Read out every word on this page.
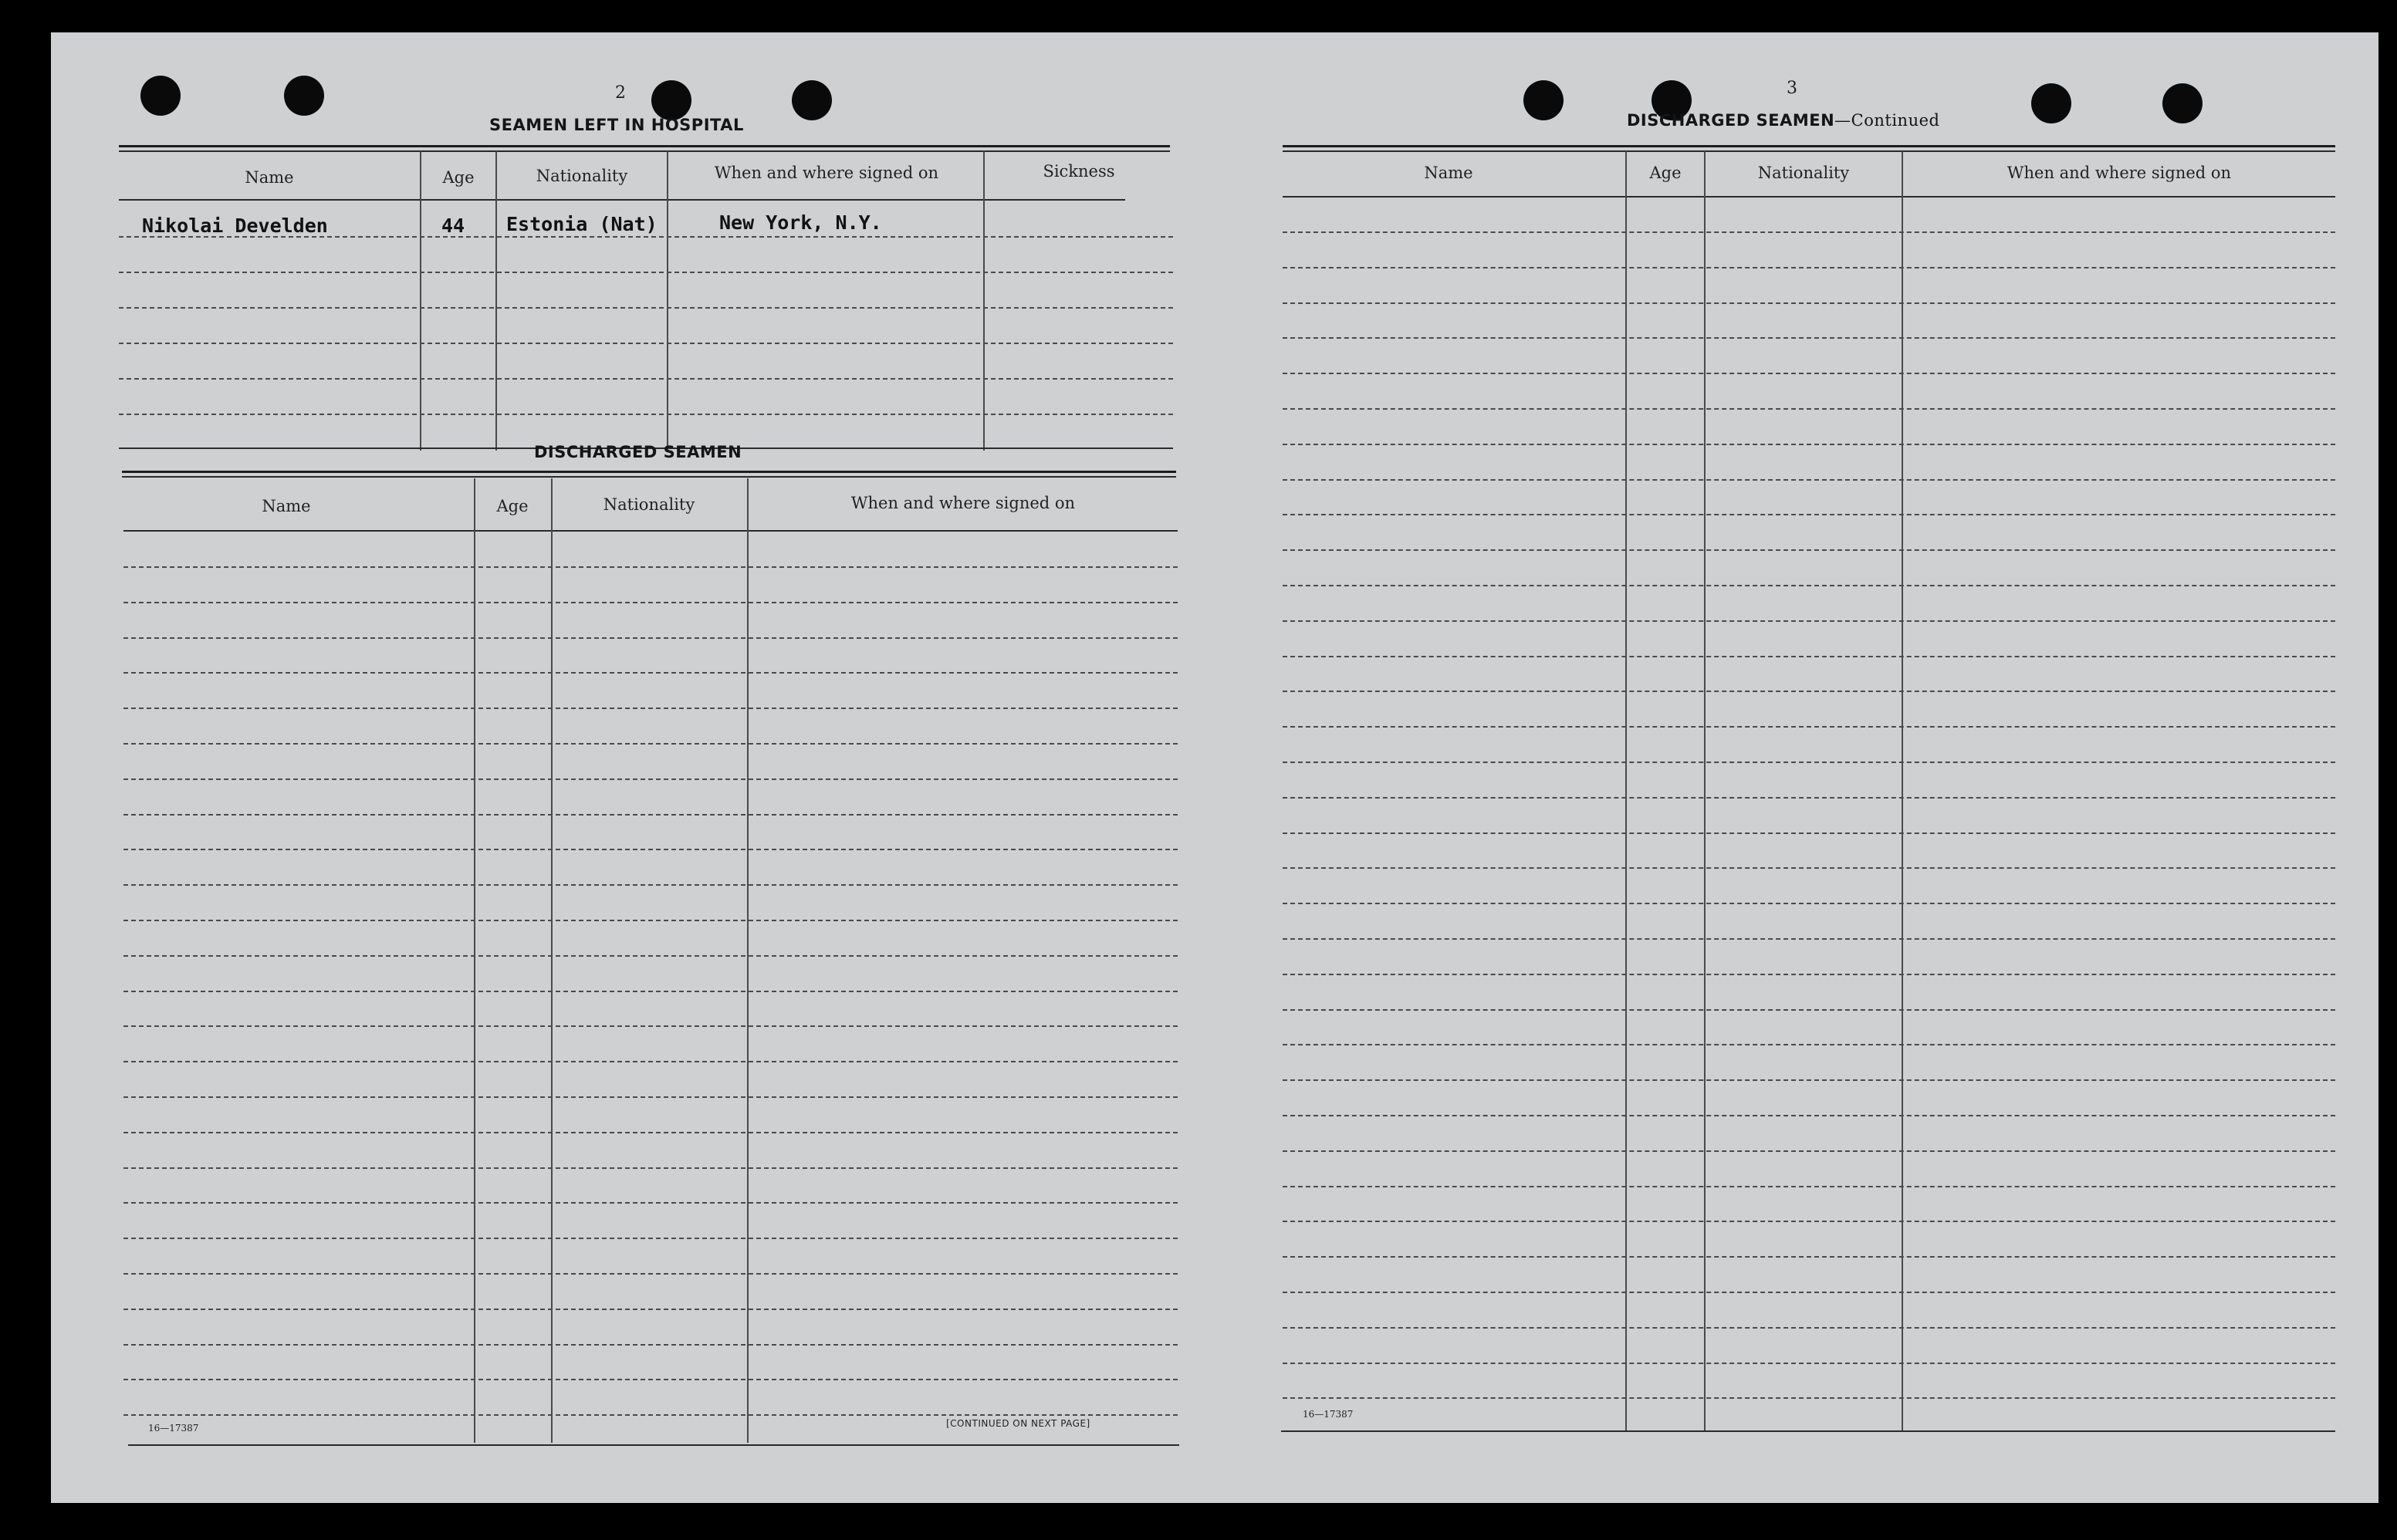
2
SEAMEN LEFT IN HOSPITAL
Name	Age	Nationality	When and where signed on	Sickness
Nikolai Develden	44 Estonia (Nat)	New York, N.Y.
DISCHARGED SEAMEN
Name	Age	Nationality	When and where signed on
16—17387	[CONTINUED ON NEXT PAGE]
3
DISCHARGED SEAMEN—Continued
Name	Age	Nationality	When and where signed on
16—17387
